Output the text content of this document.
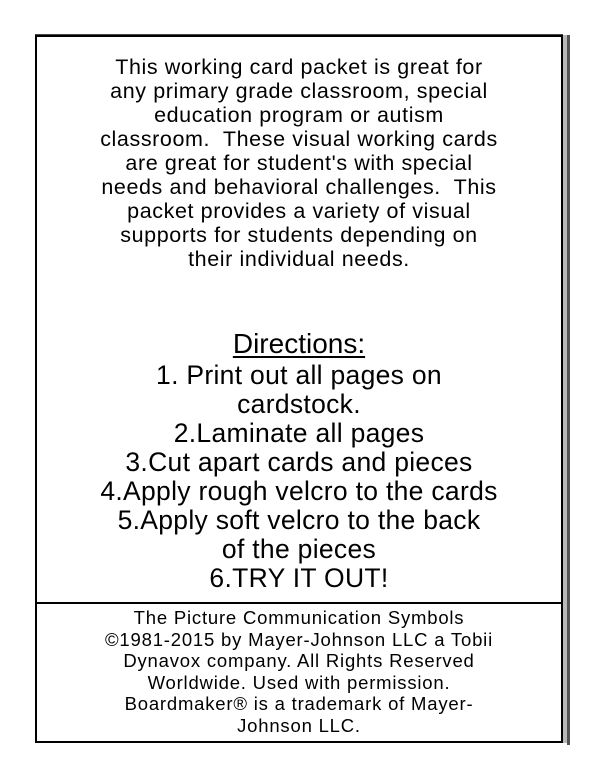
This working card packet is great for
any primary grade classroom, special
education program or autism
classroom.  These visual working cards
are great for student's with special
needs and behavioral challenges.  This
packet provides a variety of visual
supports for students depending on
their individual needs.
Directions:
1. Print out all pages on
cardstock.
2.Laminate all pages
3.Cut apart cards and pieces
4.Apply rough velcro to the cards
5.Apply soft velcro to the back
of the pieces
6.TRY IT OUT!

The Picture Communication Symbols
©1981-2015 by Mayer-Johnson LLC a Tobii
Dynavox company. All Rights Reserved
Worldwide. Used with permission.
Boardmaker® is a trademark of Mayer-
Johnson LLC.
